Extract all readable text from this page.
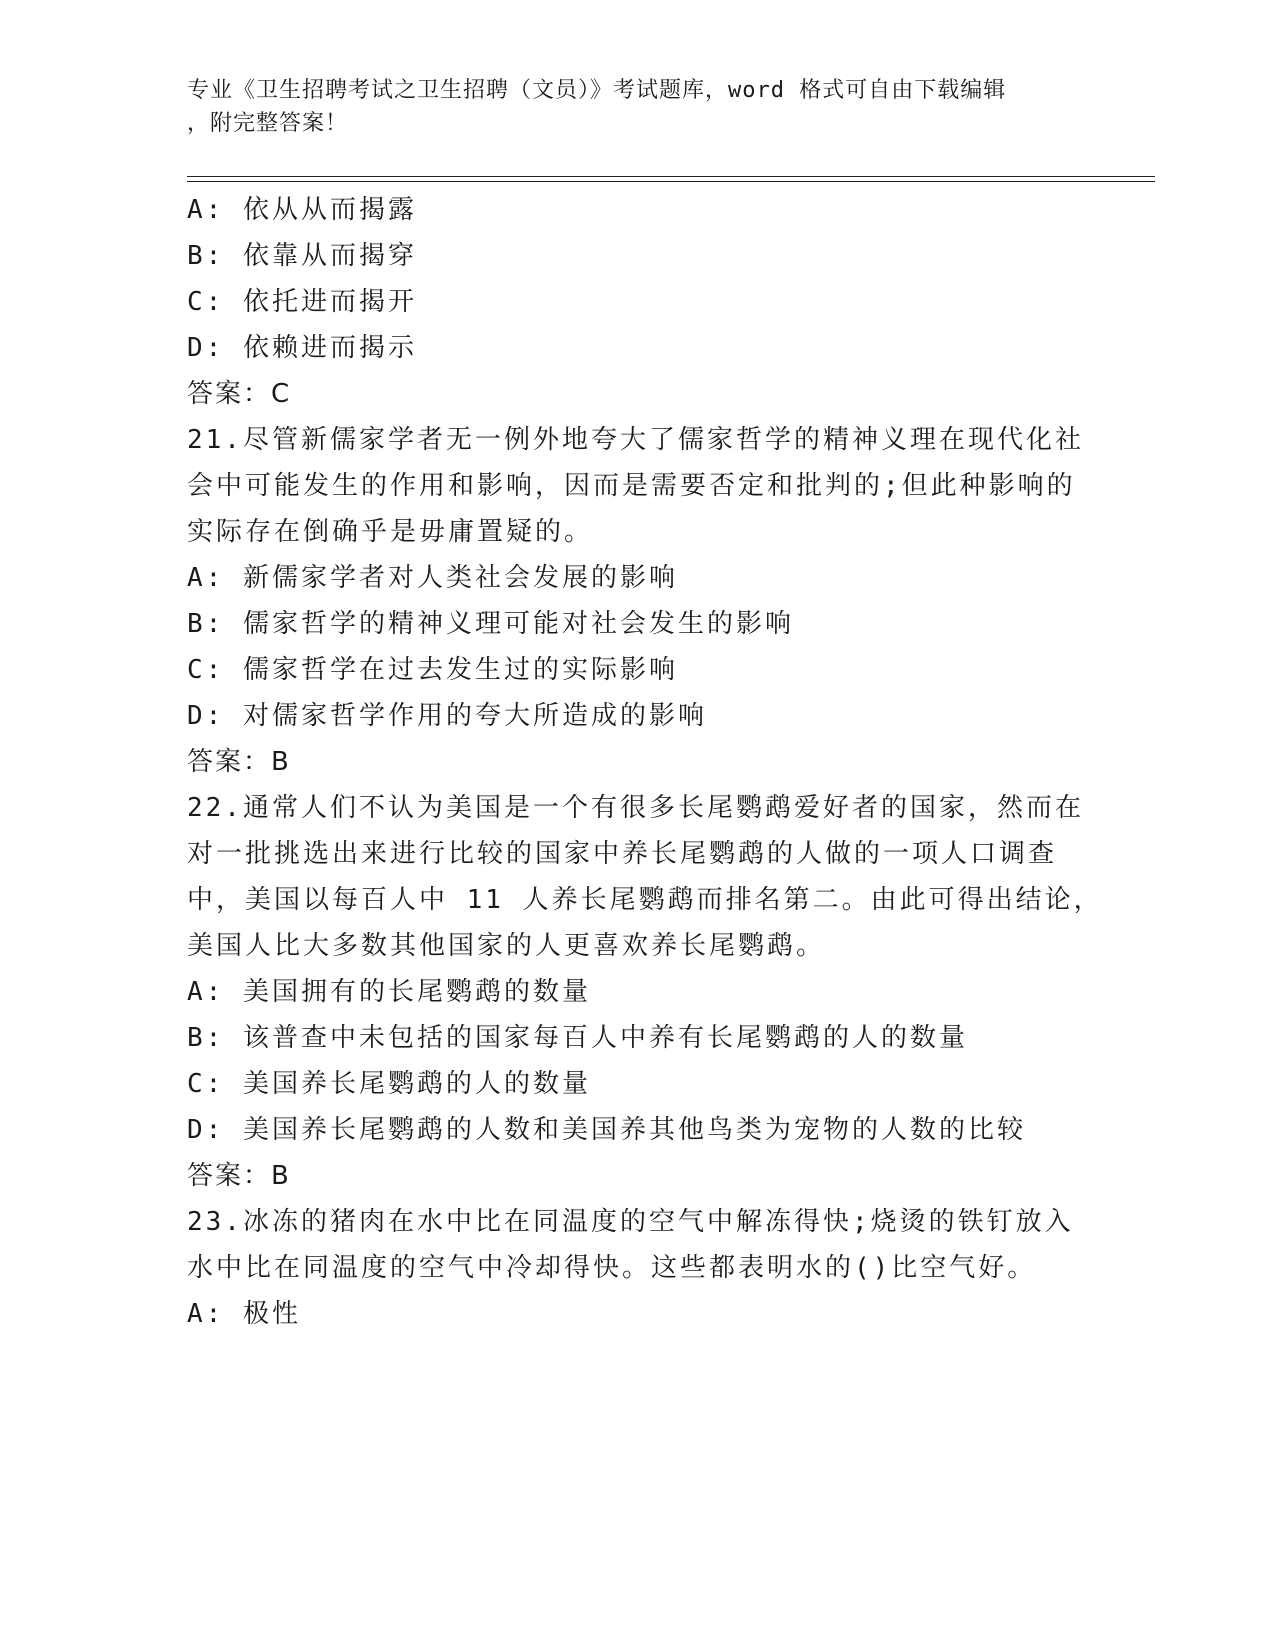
专业《卫生招聘考试之卫生招聘（文员）》考试题库，word 格式可自由下载编辑
，附完整答案！
A: 依从从而揭露
B: 依靠从而揭穿
C: 依托进而揭开
D: 依赖进而揭示
答案：C
21.尽管新儒家学者无一例外地夸大了儒家哲学的精神义理在现代化社
会中可能发生的作用和影响，因而是需要否定和批判的;但此种影响的
实际存在倒确乎是毋庸置疑的。
A: 新儒家学者对人类社会发展的影响
B: 儒家哲学的精神义理可能对社会发生的影响
C: 儒家哲学在过去发生过的实际影响
D: 对儒家哲学作用的夸大所造成的影响
答案：B
22.通常人们不认为美国是一个有很多长尾鹦鹉爱好者的国家，然而在
对一批挑选出来进行比较的国家中养长尾鹦鹉的人做的一项人口调查
中，美国以每百人中 11 人养长尾鹦鹉而排名第二。由此可得出结论，
美国人比大多数其他国家的人更喜欢养长尾鹦鹉。
A: 美国拥有的长尾鹦鹉的数量
B: 该普查中未包括的国家每百人中养有长尾鹦鹉的人的数量
C: 美国养长尾鹦鹉的人的数量
D: 美国养长尾鹦鹉的人数和美国养其他鸟类为宠物的人数的比较
答案：B
23.冰冻的猪肉在水中比在同温度的空气中解冻得快;烧烫的铁钉放入
水中比在同温度的空气中冷却得快。这些都表明水的()比空气好。
A: 极性
